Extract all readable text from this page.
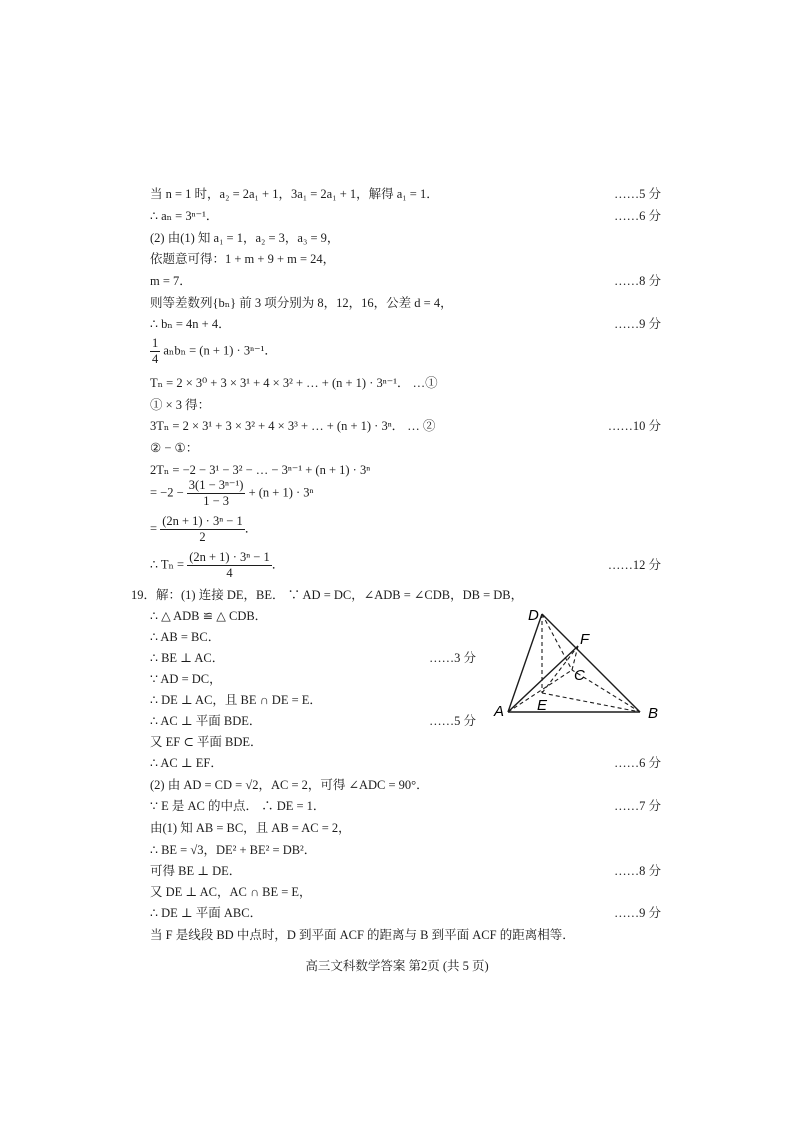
当 n = 1 时，a₂ = 2a₁ + 1，3a₁ = 2a₁ + 1，解得 a₁ = 1．	……5 分
∴ aₙ = 3ⁿ⁻¹．	……6 分
(2) 由(1) 知 a₁ = 1，a₂ = 3，a₃ = 9，
依题意可得：1 + m + 9 + m = 24，
m = 7．	……8 分
则等差数列{bₙ} 前 3 项分别为 8，12，16，公差 d = 4，
∴ bₙ = 4n + 4．	……9 分
$\frac{1}{4}$ aₙbₙ = (n + 1) · 3ⁿ⁻¹．
Tₙ = 2 × 3⁰ + 3 × 3¹ + 4 × 3² + … + (n + 1) · 3ⁿ⁻¹． …①
① × 3 得：
3Tₙ = 2 × 3¹ + 3 × 3² + 4 × 3³ + … + (n + 1) · 3ⁿ． … ②	……10 分
② − ①：
2Tₙ = −2 − 3¹ − 3² − … − 3ⁿ⁻¹ + (n + 1) · 3ⁿ
= $-2 - \frac{\text{3(1 − 3ⁿ⁻¹)}}{1 - 3} + (n + 1) \cdot 3^n$
= $\frac{\text{(2n + 1) · 3ⁿ − 1}}{2}$ ．
∴ $T_n = \frac{\text{(2n + 1) · 3ⁿ − 1}}{4}$ ．	……12 分
19．解：(1) 连接 DE，BE． ∵ AD = DC，∠ADB = ∠CDB，DB = DB，
∴ △ ADB ≌ △ CDB．
∴ AB = BC．
∴ BE ⊥ AC．	……3 分
∵ AD = DC，
∴ DE ⊥ AC，且 BE ∩ DE = E．
∴ AC ⊥ 平面 BDE．	……5 分
又 EF ⊂ 平面 BDE．
∴ AC ⊥ EF．	……6 分
(2) 由 AD = CD = √2，AC = 2，可得 ∠ADC = 90°．
∵ E 是 AC 的中点． ∴ DE = 1．	……7 分
由(1) 知 AB = BC，且 AB = AC = 2，
∴ BE = √3，DE² + BE² = DB²．
可得 BE ⊥ DE．	……8 分
又 DE ⊥ AC，AC ∩ BE = E，
∴ DE ⊥ 平面 ABC．	……9 分
当 F 是线段 BD 中点时，D 到平面 ACF 的距离与 B 到平面 ACF 的距离相等．
D
F
C
A E	B
高三文科数学答案 第2页 (共 5 页)
